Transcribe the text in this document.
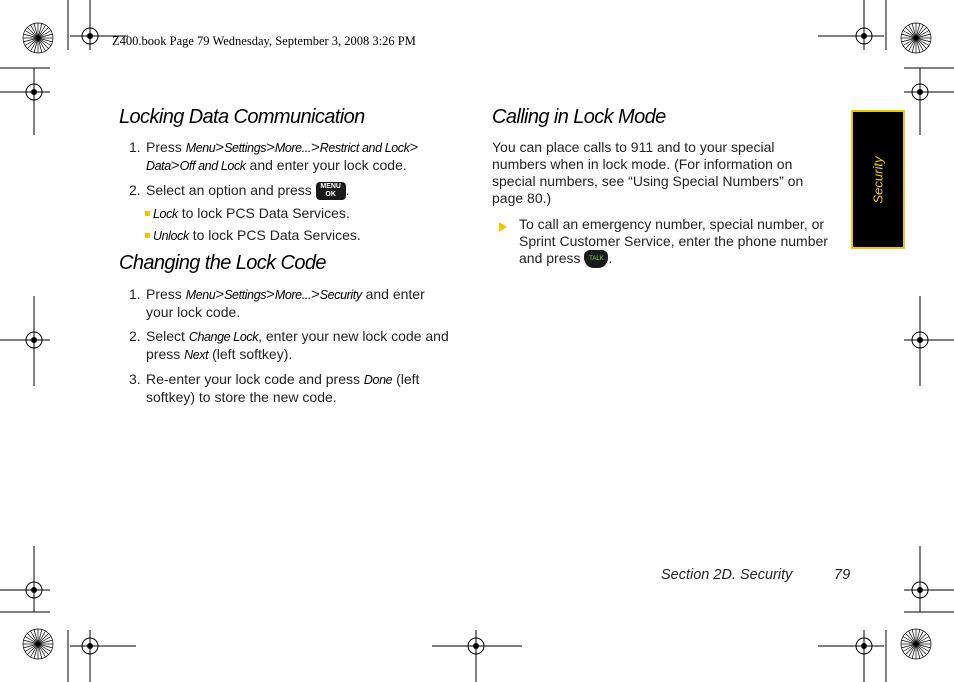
Z400.book Page 79 Wednesday, September 3, 2008 3:26 PM
Locking Data Communication
1. Press Menu>Settings>More...>Restrict and Lock>
Data>Off and Lock and enter your lock code.
2. Select an option and press MENU OK .
Lock to lock PCS Data Services.
Unlock to lock PCS Data Services.
Changing the Lock Code
1. Press Menu>Settings>More...>Security and enter
your lock code.
2. Select Change Lock, enter your new lock code and
press Next (left softkey).
3. Re-enter your lock code and press Done (left
softkey) to store the new code.
Calling in Lock Mode
You can place calls to 911 and to your special
numbers when in lock mode. (For information on
special numbers, see “Using Special Numbers” on
page 80.)
To call an emergency number, special number, or
Sprint Customer Service, enter the phone number
and press TALK .
Security
Section 2D. Security	79
